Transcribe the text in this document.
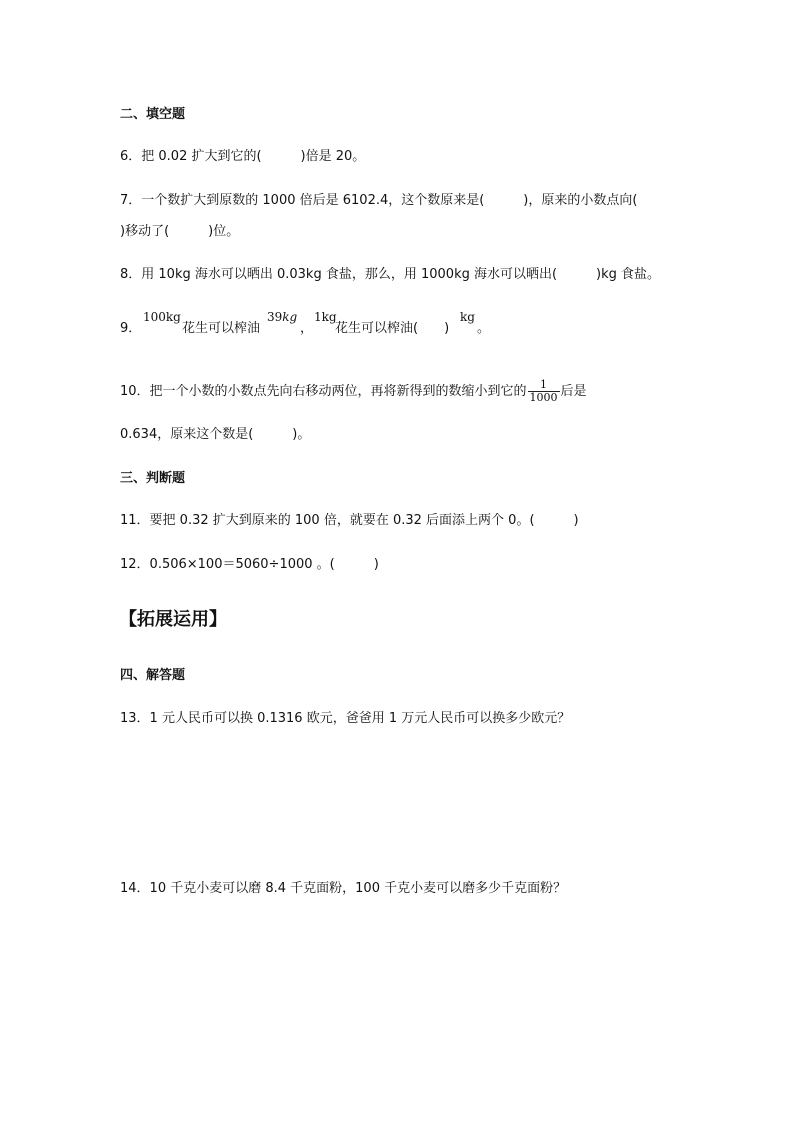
二、填空题
6．把 0.02 扩大到它的(　　　)倍是 20。
7．一个数扩大到原数的 1000 倍后是 6102.4，这个数原来是(　　　)，原来的小数点向(
)移动了(　　　)位。
8．用 10kg 海水可以晒出 0.03kg 食盐，那么，用 1000kg 海水可以晒出(　　　)kg 食盐。
9．
100kg
花生可以榨油
39kg
，
1kg
花生可以榨油(　　)
kg
。
10．把一个小数的小数点先向右移动两位，再将新得到的数缩小到它的 $\frac{1}{1000}$ 后是
0.634，原来这个数是(　　　)。
三、判断题
11．要把 0.32 扩大到原来的 100 倍，就要在 0.32 后面添上两个 0。(　　　)
12．0.506×100＝5060÷1000 。(　　　)
【拓展运用】
四、解答题
13．1 元人民币可以换 0.1316 欧元，爸爸用 1 万元人民币可以换多少欧元？
14．10 千克小麦可以磨 8.4 千克面粉，100 千克小麦可以磨多少千克面粉？
